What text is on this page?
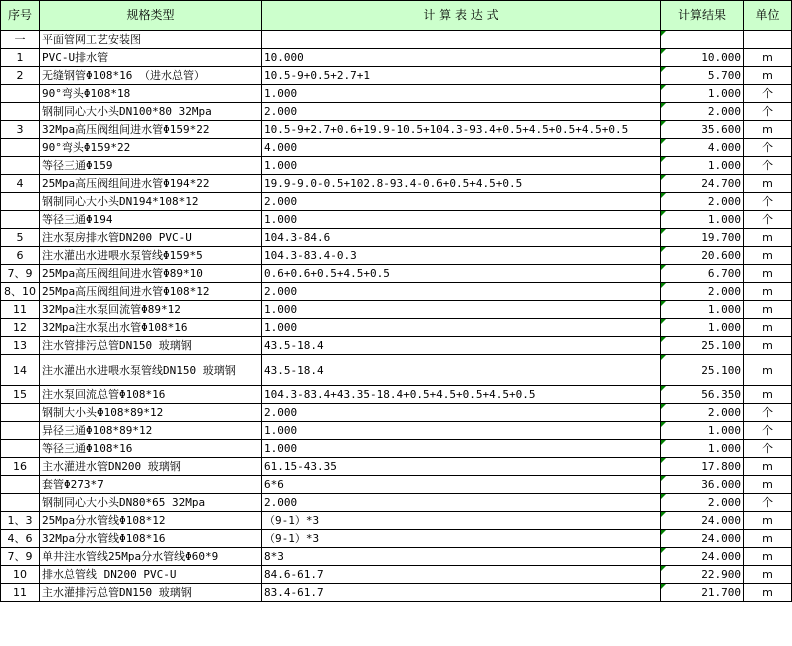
序号	规格类型	计 算 表 达 式	计算结果	单位
一	平面管网工艺安装图			
1	PVC-U排水管	10.000	10.000	m
2	无缝钢管Φ108*16 （进水总管）	10.5-9+0.5+2.7+1	5.700	m
	90°弯头Φ108*18	1.000	1.000	个
	钢制同心大小头DN100*80 32Mpa	2.000	2.000	个
3	32Mpa高压阀组间进水管Φ159*22	10.5-9+2.7+0.6+19.9-10.5+104.3-93.4+0.5+4.5+0.5+4.5+0.5	35.600	m
	90°弯头Φ159*22	4.000	4.000	个
	等径三通Φ159	1.000	1.000	个
4	25Mpa高压阀组间进水管Φ194*22	19.9-9.0-0.5+102.8-93.4-0.6+0.5+4.5+0.5	24.700	m
	钢制同心大小头DN194*108*12	2.000	2.000	个
	等径三通Φ194	1.000	1.000	个
5	注水泵房排水管DN200 PVC-U	104.3-84.6	19.700	m
6	注水灌出水进喂水泵管线Φ159*5	104.3-83.4-0.3	20.600	m
7、9	25Mpa高压阀组间进水管Φ89*10	0.6+0.6+0.5+4.5+0.5	6.700	m
8、10	25Mpa高压阀组间进水管Φ108*12	2.000	2.000	m
11	32Mpa注水泵回流管Φ89*12	1.000	1.000	m
12	32Mpa注水泵出水管Φ108*16	1.000	1.000	m
13	注水管排污总管DN150 玻璃钢	43.5-18.4	25.100	m
14	注水灌出水进喂水泵管线DN150 玻璃钢	43.5-18.4	25.100	m
15	注水泵回流总管Φ108*16	104.3-83.4+43.35-18.4+0.5+4.5+0.5+4.5+0.5	56.350	m
	钢制大小头Φ108*89*12	2.000	2.000	个
	异径三通Φ108*89*12	1.000	1.000	个
	等径三通Φ108*16	1.000	1.000	个
16	主水灌进水管DN200 玻璃钢	61.15-43.35	17.800	m
	套管Φ273*7	6*6	36.000	m
	钢制同心大小头DN80*65 32Mpa	2.000	2.000	个
1、3	25Mpa分水管线Φ108*12	（9-1）*3	24.000	m
4、6	32Mpa分水管线Φ108*16	（9-1）*3	24.000	m
7、9	单井注水管线25Mpa分水管线Φ60*9	8*3	24.000	m
10	排水总管线 DN200 PVC-U	84.6-61.7	22.900	m
11	主水灌排污总管DN150 玻璃钢	83.4-61.7	21.700	m
